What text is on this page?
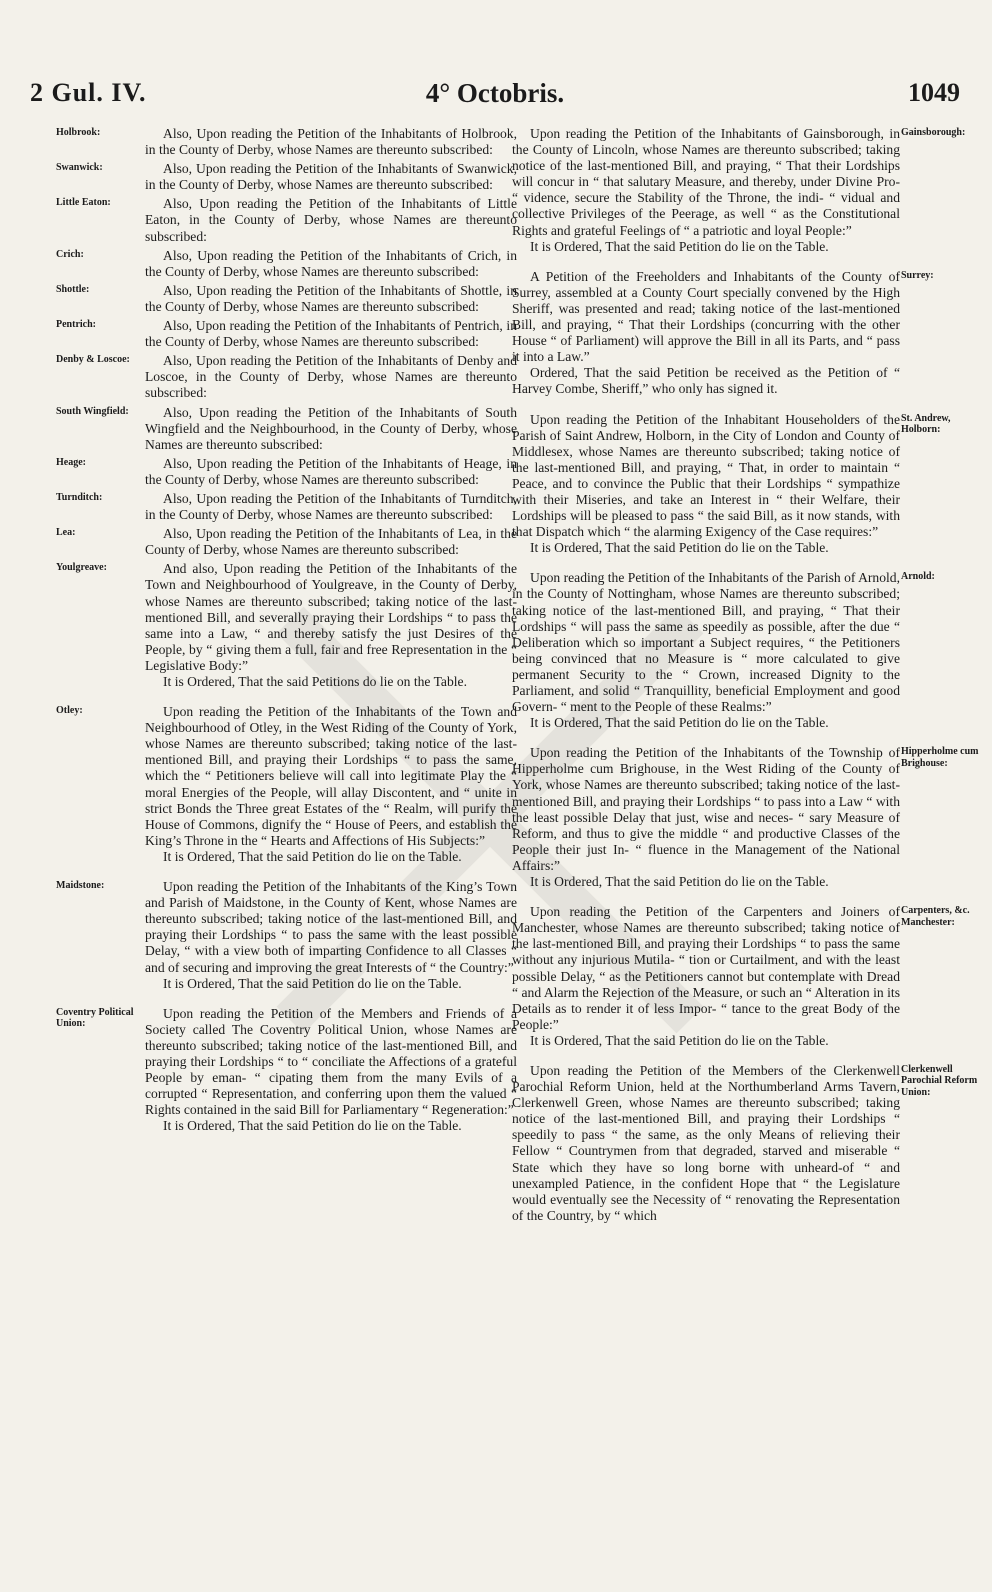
2 Gul. IV.	4° Octobris.	1049
Holbrook:	Also, Upon reading the Petition of the Inhabitants of Holbrook, in the County of Derby, whose Names are thereunto subscribed:

Swanwick:	Also, Upon reading the Petition of the Inhabitants of Swanwick, in the County of Derby, whose Names are thereunto subscribed:

Little Eaton:	Also, Upon reading the Petition of the Inhabitants of Little Eaton, in the County of Derby, whose Names are thereunto subscribed:

Crich:	Also, Upon reading the Petition of the Inhabitants of Crich, in the County of Derby, whose Names are thereunto subscribed:

Shottle:	Also, Upon reading the Petition of the Inhabitants of Shottle, in the County of Derby, whose Names are thereunto subscribed:

Pentrich:	Also, Upon reading the Petition of the Inhabitants of Pentrich, in the County of Derby, whose Names are thereunto subscribed:

Denby & Loscoe:	Also, Upon reading the Petition of the Inhabitants of Denby and Loscoe, in the County of Derby, whose Names are thereunto subscribed:

South Wingfield:	Also, Upon reading the Petition of the Inhabitants of South Wingfield and the Neighbourhood, in the County of Derby, whose Names are thereunto subscribed:

Heage:	Also, Upon reading the Petition of the Inhabitants of Heage, in the County of Derby, whose Names are thereunto subscribed:

Turnditch:	Also, Upon reading the Petition of the Inhabitants of Turnditch, in the County of Derby, whose Names are thereunto subscribed:

Lea:	Also, Upon reading the Petition of the Inhabitants of Lea, in the County of Derby, whose Names are thereunto subscribed:

Youlgreave:	And also, Upon reading the Petition of the Inhabitants of the Town and Neighbourhood of Youlgreave, in the County of Derby, whose Names are thereunto subscribed; taking notice of the last-mentioned Bill, and severally praying their Lordships “ to pass the same into a Law, “ and thereby satisfy the just Desires of the People, by “ giving them a full, fair and free Representation in the “ Legislative Body:”

It is Ordered, That the said Petitions do lie on the Table.

Otley:	Upon reading the Petition of the Inhabitants of the Town and Neighbourhood of Otley, in the West Riding of the County of York, whose Names are thereunto subscribed; taking notice of the last-mentioned Bill, and praying their Lordships “ to pass the same, which the “ Petitioners believe will call into legitimate Play the “ moral Energies of the People, will allay Discontent, and “ unite in strict Bonds the Three great Estates of the “ Realm, will purify the House of Commons, dignify the “ House of Peers, and establish the King’s Throne in the “ Hearts and Affections of His Subjects:”

It is Ordered, That the said Petition do lie on the Table.

Maidstone:	Upon reading the Petition of the Inhabitants of the King’s Town and Parish of Maidstone, in the County of Kent, whose Names are thereunto subscribed; taking notice of the last-mentioned Bill, and praying their Lordships “ to pass the same with the least possible Delay, “ with a view both of imparting Confidence to all Classes “ and of securing and improving the great Interests of “ the Country:”

It is Ordered, That the said Petition do lie on the Table.

Coventry Political Union:

Upon reading the Petition of the Members and Friends of a Society called The Coventry Political Union, whose Names are thereunto subscribed; taking notice of the last-mentioned Bill, and praying their Lordships “ to “ conciliate the Affections of a grateful People by eman- “ cipating them from the many Evils of a corrupted “ Representation, and conferring upon them the valued “ Rights contained in the said Bill for Parliamentary “ Regeneration:”

It is Ordered, That the said Petition do lie on the Table.

Gainsborough:

Upon reading the Petition of the Inhabitants of Gainsborough, in the County of Lincoln, whose Names are thereunto subscribed; taking notice of the last-mentioned Bill, and praying, “ That their Lordships will concur in “ that salutary Measure, and thereby, under Divine Pro- “ vidence, secure the Stability of the Throne, the indi- “ vidual and collective Privileges of the Peerage, as well “ as the Constitutional Rights and grateful Feelings of “ a patriotic and loyal People:”

It is Ordered, That the said Petition do lie on the Table.

Surrey:

A Petition of the Freeholders and Inhabitants of the County of Surrey, assembled at a County Court specially convened by the High Sheriff, was presented and read; taking notice of the last-mentioned Bill, and praying, “ That their Lordships (concurring with the other House “ of Parliament) will approve the Bill in all its Parts, and “ pass it into a Law.”

Ordered, That the said Petition be received as the Petition of “ Harvey Combe, Sheriff,” who only has signed it.

St. Andrew, Holborn:

Upon reading the Petition of the Inhabitant Householders of the Parish of Saint Andrew, Holborn, in the City of London and County of Middlesex, whose Names are thereunto subscribed; taking notice of the last-mentioned Bill, and praying, “ That, in order to maintain “ Peace, and to convince the Public that their Lordships “ sympathize with their Miseries, and take an Interest in “ their Welfare, their Lordships will be pleased to pass “ the said Bill, as it now stands, with that Dispatch which “ the alarming Exigency of the Case requires:”

It is Ordered, That the said Petition do lie on the Table.

Arnold:

Upon reading the Petition of the Inhabitants of the Parish of Arnold, in the County of Nottingham, whose Names are thereunto subscribed; taking notice of the last-mentioned Bill, and praying, “ That their Lordships “ will pass the same as speedily as possible, after the due “ Deliberation which so important a Subject requires, “ the Petitioners being convinced that no Measure is “ more calculated to give permanent Security to the “ Crown, increased Dignity to the Parliament, and solid “ Tranquillity, beneficial Employment and good Govern- “ ment to the People of these Realms:”

It is Ordered, That the said Petition do lie on the Table.

Hipperholme cum Brighouse:

Upon reading the Petition of the Inhabitants of the Township of Hipperholme cum Brighouse, in the West Riding of the County of York, whose Names are thereunto subscribed; taking notice of the last-mentioned Bill, and praying their Lordships “ to pass into a Law “ with the least possible Delay that just, wise and neces- “ sary Measure of Reform, and thus to give the middle “ and productive Classes of the People their just In- “ fluence in the Management of the National Affairs:”

It is Ordered, That the said Petition do lie on the Table.

Carpenters, &c. Manchester:

Upon reading the Petition of the Carpenters and Joiners of Manchester, whose Names are thereunto subscribed; taking notice of the last-mentioned Bill, and praying their Lordships “ to pass the same without any injurious Mutila- “ tion or Curtailment, and with the least possible Delay, “ as the Petitioners cannot but contemplate with Dread “ and Alarm the Rejection of the Measure, or such an “ Alteration in its Details as to render it of less Impor- “ tance to the great Body of the People:”

It is Ordered, That the said Petition do lie on the Table.

Clerkenwell Parochial Reform Union:

Upon reading the Petition of the Members of the Clerkenwell Parochial Reform Union, held at the Northumberland Arms Tavern, Clerkenwell Green, whose Names are thereunto subscribed; taking notice of the last-mentioned Bill, and praying their Lordships “ speedily to pass “ the same, as the only Means of relieving their Fellow “ Countrymen from that degraded, starved and miserable “ State which they have so long borne with unheard-of “ and unexampled Patience, in the confident Hope that “ the Legislature would eventually see the Necessity of “ renovating the Representation of the Country, by “ which
